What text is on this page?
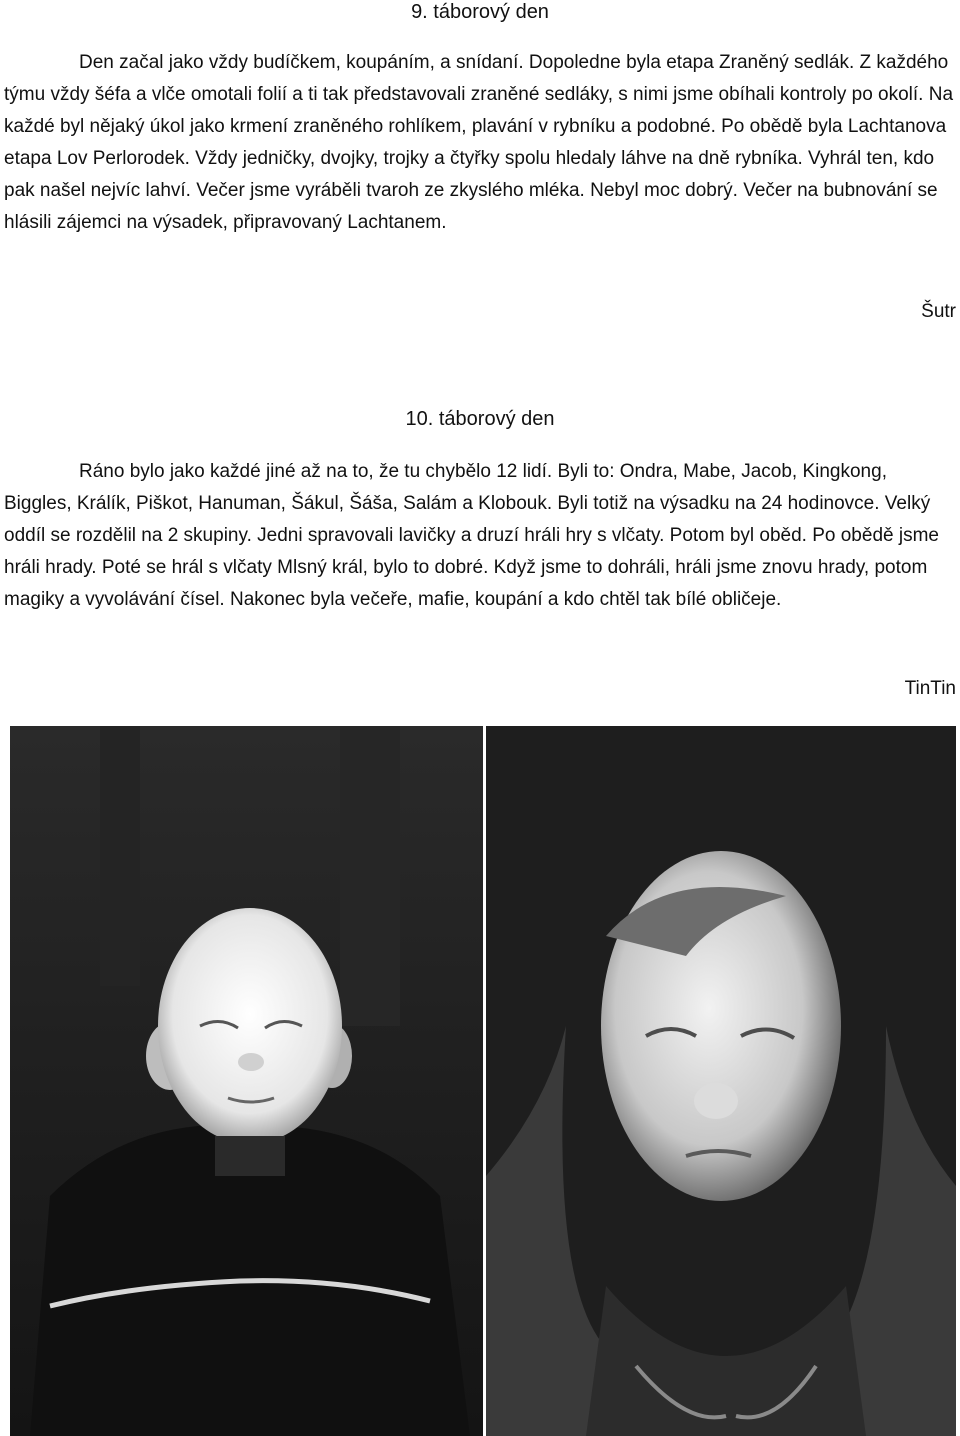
9. táborový den
Den začal jako vždy budíčkem, koupáním, a snídaní. Dopoledne byla etapa Zraněný sedlák. Z každého týmu vždy šéfa a vlče omotali folií a ti tak představovali zraněné sedláky, s nimi jsme obíhali kontroly po okolí. Na každé byl nějaký úkol jako krmení zraněného rohlíkem, plavání v rybníku a podobné. Po obědě byla Lachtanova etapa Lov Perlorodek. Vždy jedničky, dvojky, trojky a čtyřky spolu hledaly láhve na dně rybníka. Vyhrál ten, kdo pak našel nejvíc lahví. Večer jsme vyráběli tvaroh ze zkyslého mléka. Nebyl moc dobrý. Večer na bubnování se hlásili zájemci na výsadek, připravovaný Lachtanem.
Šutr
10. táborový den
Ráno bylo jako každé jiné až na to, že tu chybělo 12 lidí. Byli to: Ondra, Mabe, Jacob, Kingkong, Biggles, Králík, Piškot, Hanuman, Šákul, Šáša, Salám a Klobouk. Byli totiž na výsadku na 24 hodinovce. Velký oddíl se rozdělil na 2 skupiny. Jedni spravovali lavičky a druzí hráli hry s vlčaty. Potom byl oběd. Po obědě jsme hráli hrady. Poté se hrál s vlčaty Mlsný král, bylo to dobré. Když jsme to dohráli, hráli jsme znovu hrady, potom magiky a vyvolávání čísel. Nakonec byla večeře, mafie, koupání a kdo chtěl tak bílé obličeje.
TinTin
